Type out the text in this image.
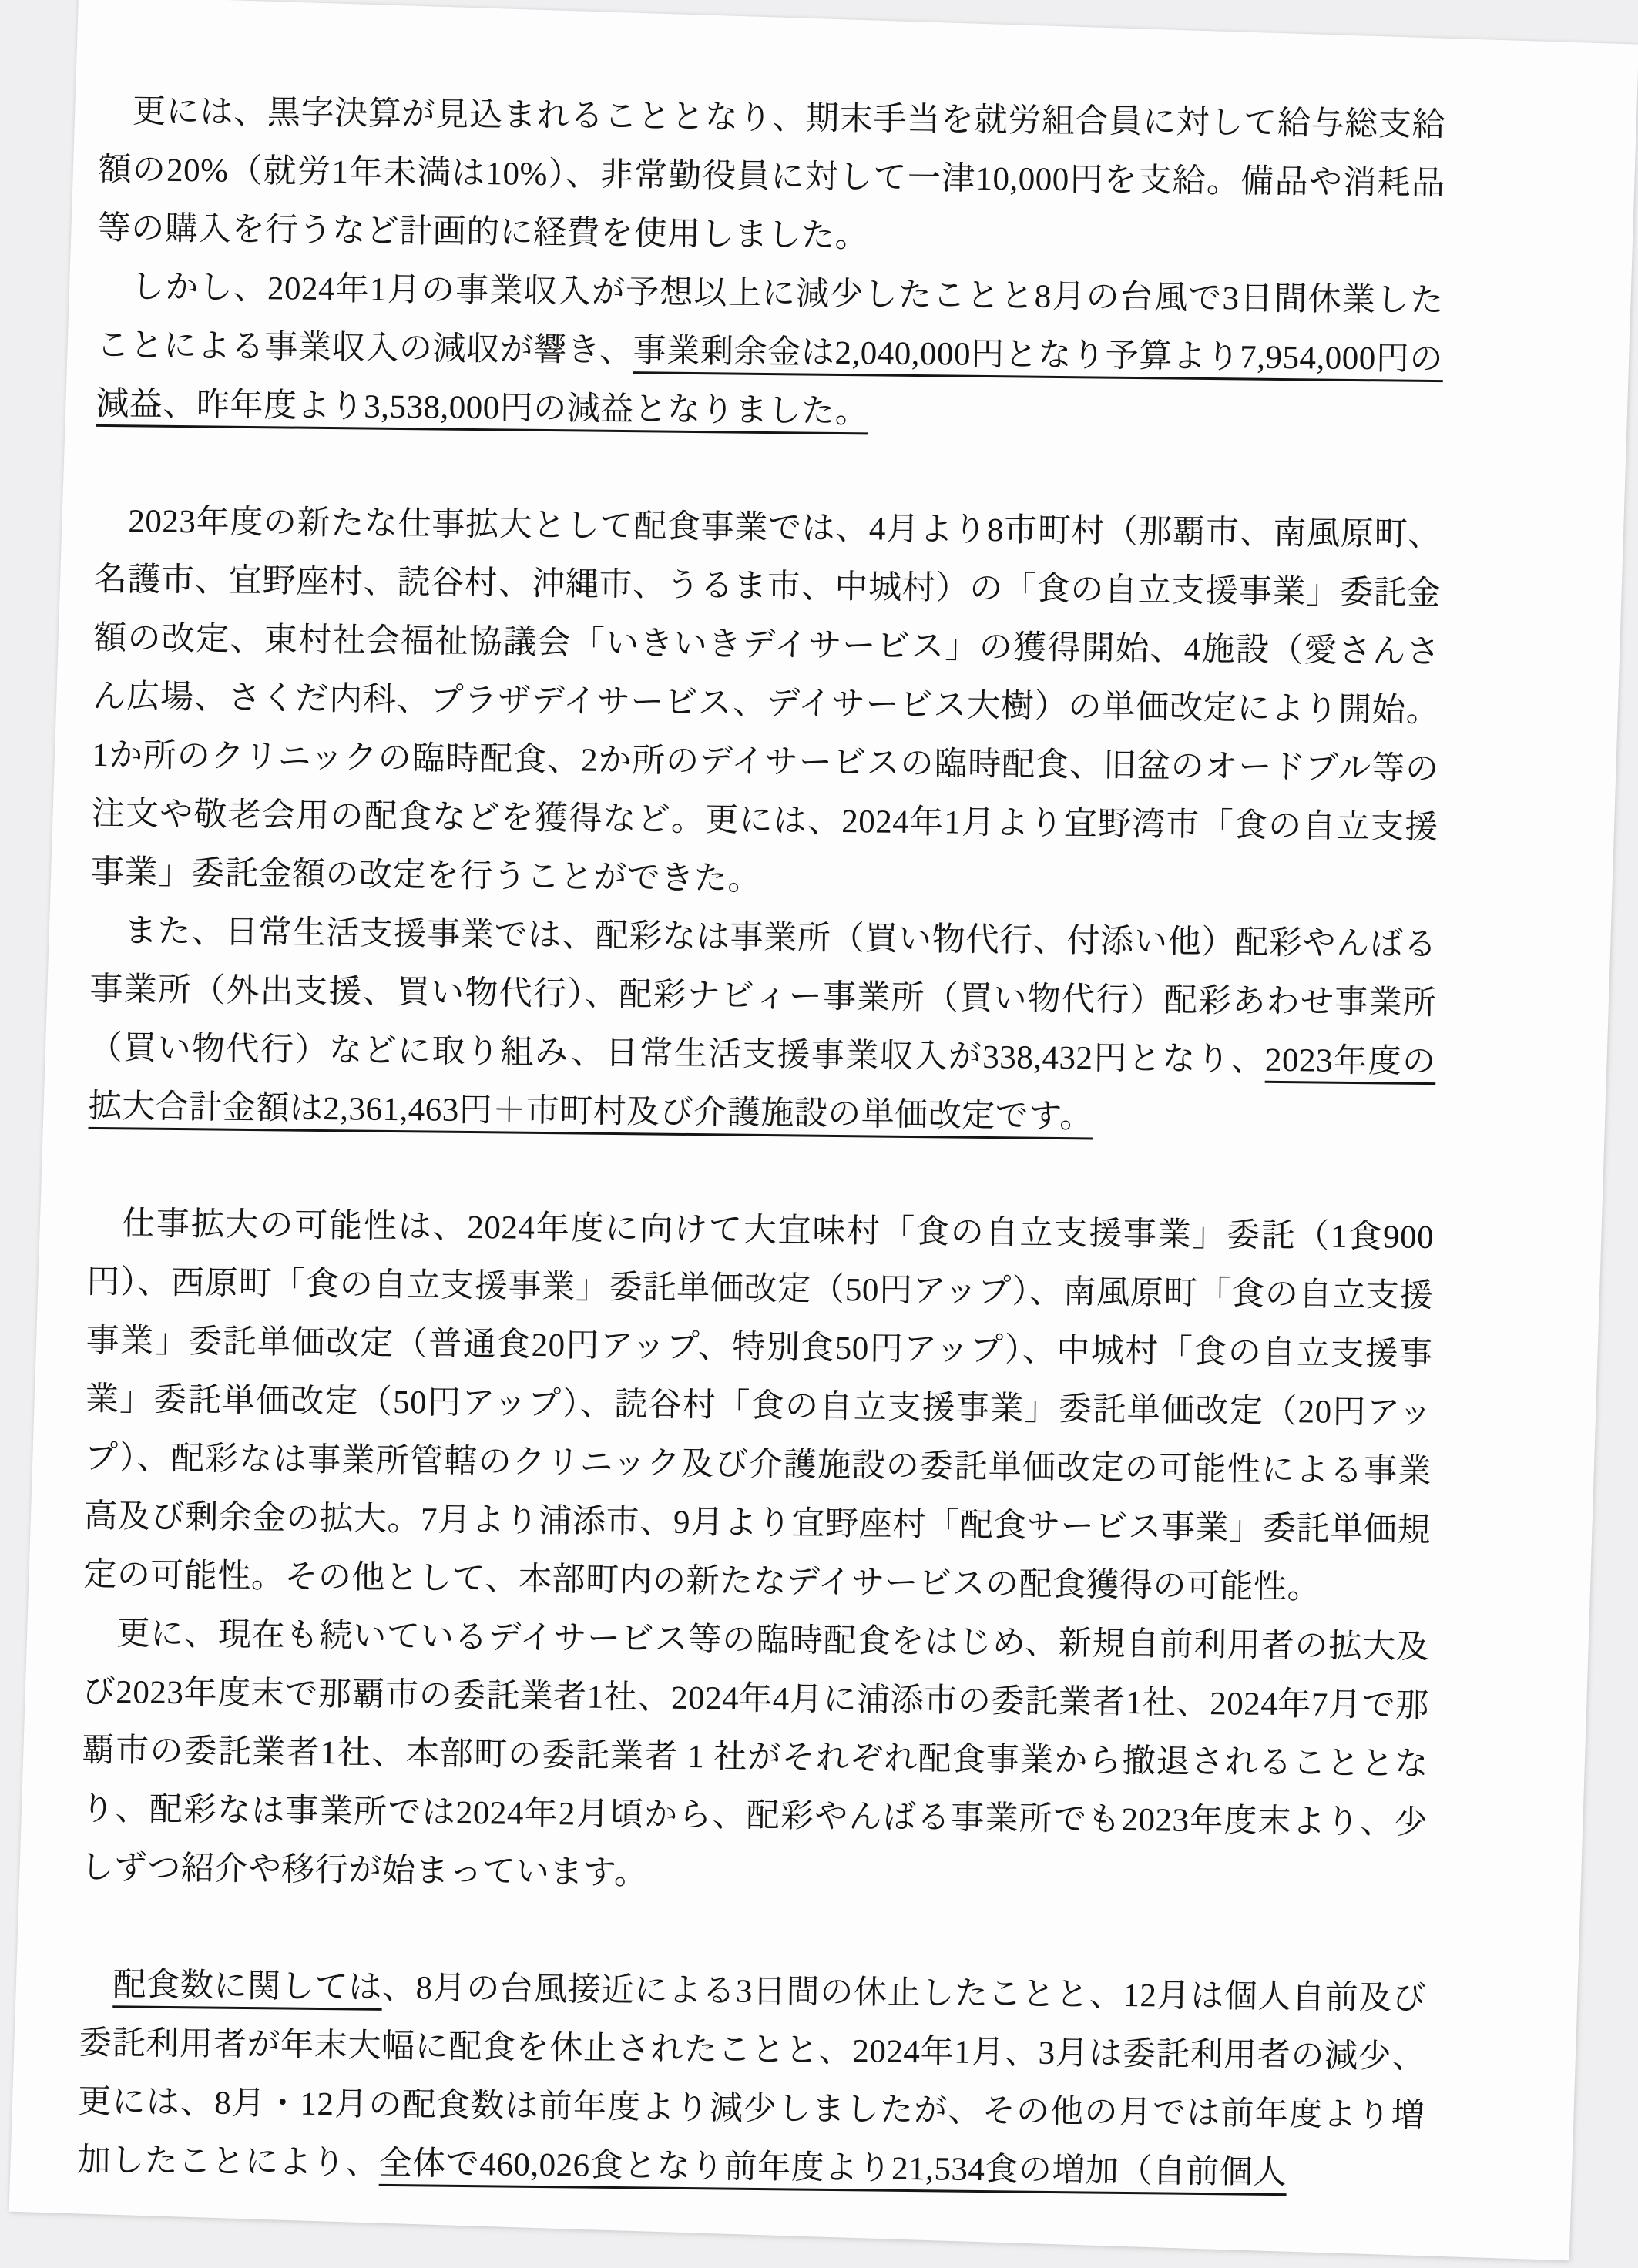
　更には、黒字決算が見込まれることとなり、期末手当を就労組合員に対して給与総支給額の20%（就労1年未満は10%）、非常勤役員に対して一津10,000円を支給。備品や消耗品等の購入を行うなど計画的に経費を使用しました。

　しかし、2024年1月の事業収入が予想以上に減少したことと8月の台風で3日間休業したことによる事業収入の減収が響き、事業剰余金は2,040,000円となり予算より7,954,000円の減益、昨年度より3,538,000円の減益となりました。

　2023年度の新たな仕事拡大として配食事業では、4月より8市町村（那覇市、南風原町、名護市、宜野座村、読谷村、沖縄市、うるま市、中城村）の「食の自立支援事業」委託金額の改定、東村社会福祉協議会「いきいきデイサービス」の獲得開始、4施設（愛さんさん広場、さくだ内科、プラザデイサービス、デイサービス大樹）の単価改定により開始。1か所のクリニックの臨時配食、2か所のデイサービスの臨時配食、旧盆のオードブル等の注文や敬老会用の配食などを獲得など。更には、2024年1月より宜野湾市「食の自立支援事業」委託金額の改定を行うことができた。

　また、日常生活支援事業では、配彩なは事業所（買い物代行、付添い他）配彩やんばる事業所（外出支援、買い物代行）、配彩ナビィー事業所（買い物代行）配彩あわせ事業所（買い物代行）などに取り組み、日常生活支援事業収入が338,432円となり、2023年度の拡大合計金額は2,361,463円＋市町村及び介護施設の単価改定です。

　仕事拡大の可能性は、2024年度に向けて大宜味村「食の自立支援事業」委託（1食900円）、西原町「食の自立支援事業」委託単価改定（50円アップ）、南風原町「食の自立支援事業」委託単価改定（普通食20円アップ、特別食50円アップ）、中城村「食の自立支援事業」委託単価改定（50円アップ）、読谷村「食の自立支援事業」委託単価改定（20円アップ）、配彩なは事業所管轄のクリニック及び介護施設の委託単価改定の可能性による事業高及び剰余金の拡大。7月より浦添市、9月より宜野座村「配食サービス事業」委託単価規定の可能性。その他として、本部町内の新たなデイサービスの配食獲得の可能性。

　更に、現在も続いているデイサービス等の臨時配食をはじめ、新規自前利用者の拡大及び2023年度末で那覇市の委託業者1社、2024年4月に浦添市の委託業者1社、2024年7月で那覇市の委託業者1社、本部町の委託業者 1 社がそれぞれ配食事業から撤退されることとなり、配彩なは事業所では2024年2月頃から、配彩やんばる事業所でも2023年度末より、少しずつ紹介や移行が始まっています。

　配食数に関しては、8月の台風接近による3日間の休止したことと、12月は個人自前及び委託利用者が年末大幅に配食を休止されたことと、2024年1月、3月は委託利用者の減少、更には、8月・12月の配食数は前年度より減少しましたが、その他の月では前年度より増加したことにより、全体で460,026食となり前年度より21,534食の増加（自前個人
